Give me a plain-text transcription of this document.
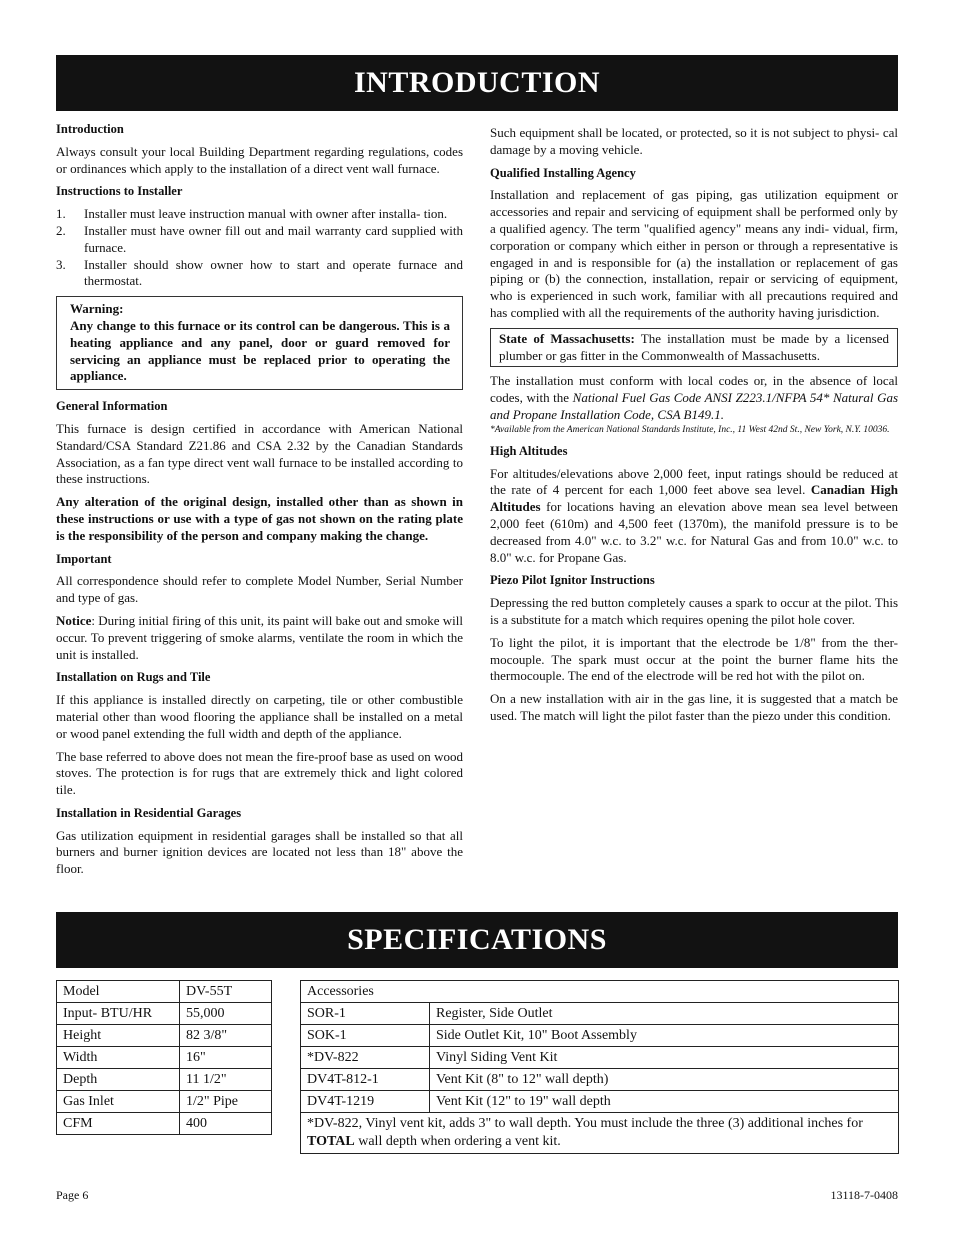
INTRODUCTION

Introduction

Always consult your local Building Department regarding regulations, codes or ordinances which apply to the installation of a direct vent wall furnace.

Instructions to Installer

1. Installer must leave instruction manual with owner after installa- tion.
2. Installer must have owner fill out and mail warranty card supplied with furnace.
3. Installer should show owner how to start and operate furnace and thermostat.
Warning:
Any change to this furnace or its control can be dangerous. This is a heating appliance and any panel, door or guard removed for servicing an appliance must be replaced prior to operating the appliance.

General Information

This furnace is design certified in accordance with American National Standard/CSA Standard Z21.86 and CSA 2.32 by the Canadian Standards Association, as a fan type direct vent wall furnace to be installed according to these instructions.

Any alteration of the original design, installed other than as shown in these instructions or use with a type of gas not shown on the rating plate is the responsibility of the person and company making the change.

Important

All correspondence should refer to complete Model Number, Serial Number and type of gas.

Notice: During initial firing of this unit, its paint will bake out and smoke will occur. To prevent triggering of smoke alarms, ventilate the room in which the unit is installed.

Installation on Rugs and Tile

If this appliance is installed directly on carpeting, tile or other combustible material other than wood flooring the appliance shall be installed on a metal or wood panel extending the full width and depth of the appliance.

The base referred to above does not mean the fire-proof base as used on wood stoves. The protection is for rugs that are extremely thick and light colored tile.

Installation in Residential Garages

Gas utilization equipment in residential garages shall be installed so that all burners and burner ignition devices are located not less than 18" above the floor.

Such equipment shall be located, or protected, so it is not subject to physi- cal damage by a moving vehicle.

Qualified Installing Agency

Installation and replacement of gas piping, gas utilization equipment or accessories and repair and servicing of equipment shall be performed only by a qualified agency. The term "qualified agency" means any indi- vidual, firm, corporation or company which either in person or through a representative is engaged in and is responsible for (a) the installation or replacement of gas piping or (b) the connection, installation, repair or servicing of equipment, who is experienced in such work, familiar with all precautions required and has complied with all the requirements of the authority having jurisdiction.

State of Massachusetts: The installation must be made by a licensed plumber or gas fitter in the Commonwealth of Massachusetts.

The installation must conform with local codes or, in the absence of local codes, with the National Fuel Gas Code ANSI Z223.1/NFPA 54* Natural Gas and Propane Installation Code, CSA B149.1.

*Available from the American National Standards Institute, Inc., 11 West 42nd St., New York, N.Y. 10036.

High Altitudes

For altitudes/elevations above 2,000 feet, input ratings should be reduced at the rate of 4 percent for each 1,000 feet above sea level. Canadian High Altitudes for locations having an elevation above mean sea level between 2,000 feet (610m) and 4,500 feet (1370m), the manifold pressure is to be decreased from 4.0" w.c. to 3.2" w.c. for Natural Gas and from 10.0" w.c. to 8.0" w.c. for Propane Gas.

Piezo Pilot Ignitor Instructions

Depressing the red button completely causes a spark to occur at the pilot. This is a substitute for a match which requires opening the pilot hole cover.

To light the pilot, it is important that the electrode be 1/8" from the ther- mocouple. The spark must occur at the point the burner flame hits the thermocouple. The end of the electrode will be red hot with the pilot on.

On a new installation with air in the gas line, it is suggested that a match be used. The match will light the pilot faster than the piezo under this condition.

SPECIFICATIONS
Model	DV-55T
Input- BTU/HR	55,000
Height	82 3/8"
Width	16"
Depth	11 1/2"
Gas Inlet	1/2" Pipe
CFM	400
Accessories	
SOR-1	Register, Side Outlet
SOK-1	Side Outlet Kit, 10" Boot Assembly
*DV-822	Vinyl Siding Vent Kit
DV4T-812-1	Vent Kit (8" to 12" wall depth)
DV4T-1219	Vent Kit (12" to 19" wall depth
*DV-822, Vinyl vent kit, adds 3" to wall depth. You must include the three (3) additional inches for
TOTAL wall depth when ordering a vent kit.	
Page 6	13118-7-0408
